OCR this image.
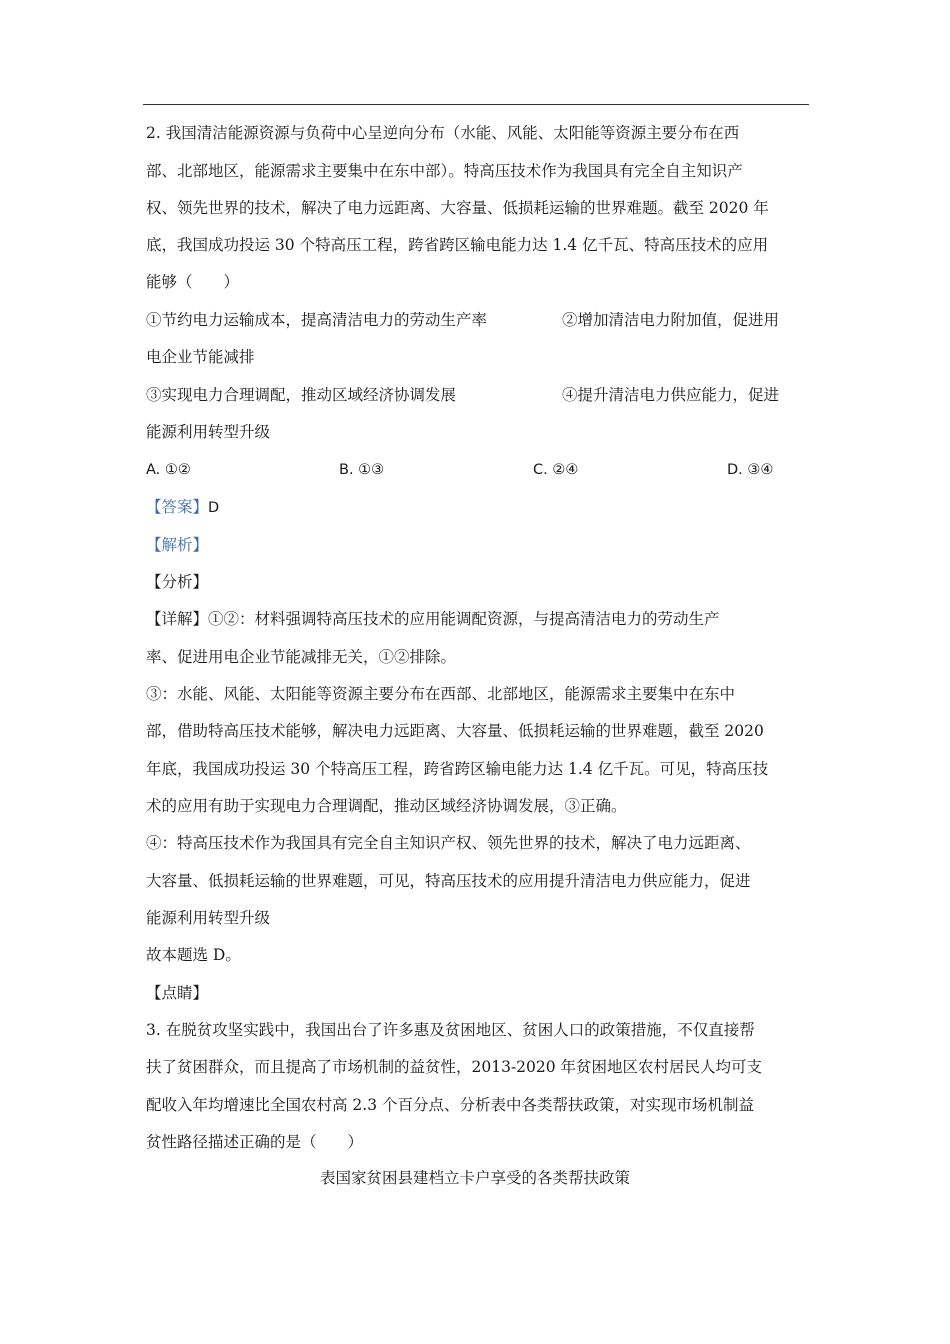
2. 我国清洁能源资源与负荷中心呈逆向分布（水能、风能、太阳能等资源主要分布在西
部、北部地区，能源需求主要集中在东中部）。特高压技术作为我国具有完全自主知识产
权、领先世界的技术，解决了电力远距离、大容量、低损耗运输的世界难题。截至 2020 年
底，我国成功投运 30 个特高压工程，跨省跨区输电能力达 1.4 亿千瓦、特高压技术的应用
能够（　　）
①节约电力运输成本，提高清洁电力的劳动生产率	②增加清洁电力附加值，促进用
电企业节能减排
③实现电力合理调配，推动区域经济协调发展	④提升清洁电力供应能力，促进
能源利用转型升级
A. ①②	B. ①③	C. ②④	D. ③④
【答案】D
【解析】
【分析】
【详解】①②：材料强调特高压技术的应用能调配资源，与提高清洁电力的劳动生产
率、促进用电企业节能减排无关，①②排除。
③：水能、风能、太阳能等资源主要分布在西部、北部地区，能源需求主要集中在东中
部，借助特高压技术能够，解决电力远距离、大容量、低损耗运输的世界难题，截至 2020
年底，我国成功投运 30 个特高压工程，跨省跨区输电能力达 1.4 亿千瓦。可见，特高压技
术的应用有助于实现电力合理调配，推动区域经济协调发展，③正确。
④：特高压技术作为我国具有完全自主知识产权、领先世界的技术，解决了电力远距离、
大容量、低损耗运输的世界难题，可见，特高压技术的应用提升清洁电力供应能力，促进
能源利用转型升级
故本题选 D。
【点睛】
3. 在脱贫攻坚实践中，我国出台了许多惠及贫困地区、贫困人口的政策措施，不仅直接帮
扶了贫困群众，而且提高了市场机制的益贫性，2013-2020 年贫困地区农村居民人均可支
配收入年均增速比全国农村高 2.3 个百分点、分析表中各类帮扶政策，对实现市场机制益
贫性路径描述正确的是（　　）
表国家贫困县建档立卡户享受的各类帮扶政策
